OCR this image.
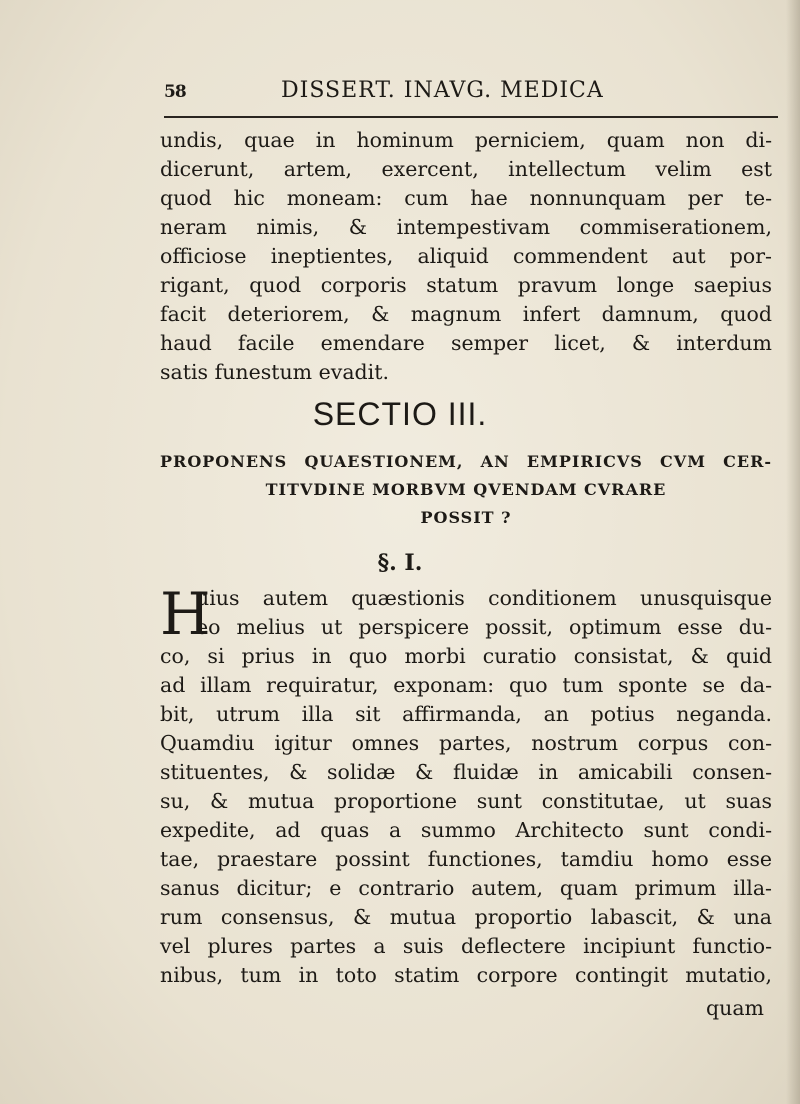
58	DISSERT. INAVG. MEDICA
undis, quae in hominum perniciem, quam non di-
dicerunt, artem, exercent, intellectum velim est
quod hic moneam: cum hae nonnunquam per te-
neram nimis, & intempestivam commiserationem,
officiose ineptientes, aliquid commendent aut por-
rigant, quod corporis statum pravum longe saepius
facit deteriorem, & magnum infert damnum, quod
haud facile emendare semper licet, & interdum
satis funestum evadit.
SECTIO III.
PROPONENS QUAESTIONEM, AN EMPIRICVS CVM CER-
TITVDINE MORBVM QVENDAM CVRARE
POSSIT ?
§. I.
H
uius autem quæstionis conditionem unusquisque
eo melius ut perspicere possit, optimum esse du-
co, si prius in quo morbi curatio consistat, & quid
ad illam requiratur, exponam: quo tum sponte se da-
bit, utrum illa sit affirmanda, an potius neganda.
Quamdiu igitur omnes partes, nostrum corpus con-
stituentes, & solidæ & fluidæ in amicabili consen-
su, & mutua proportione sunt constitutae, ut suas
expedite, ad quas a summo Architecto sunt condi-
tae, praestare possint functiones, tamdiu homo esse
sanus dicitur; e contrario autem, quam primum illa-
rum consensus, & mutua proportio labascit, & una
vel plures partes a suis deflectere incipiunt functio-
nibus, tum in toto statim corpore contingit mutatio,
quam
